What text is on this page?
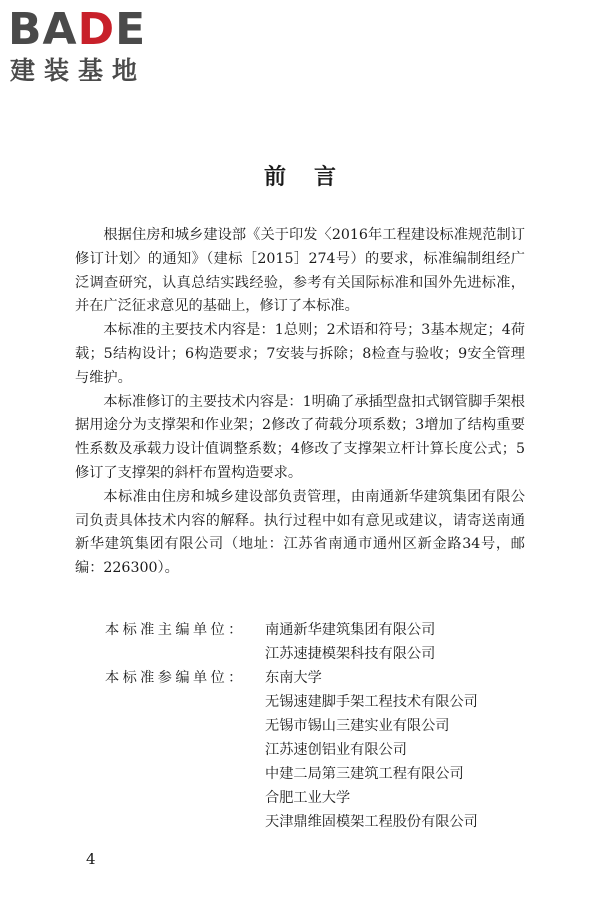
BADE
建装基地
前言

根据住房和城乡建设部《关于印发〈2016年工程建设标准规范制订修订计划〉的通知》（建标［2015］274号）的要求，标准编制组经广泛调查研究，认真总结实践经验，参考有关国际标准和国外先进标准，并在广泛征求意见的基础上，修订了本标准。

本标准的主要技术内容是：1总则；2术语和符号；3基本规定；4荷载；5结构设计；6构造要求；7安装与拆除；8检查与验收；9安全管理与维护。

本标准修订的主要技术内容是：1明确了承插型盘扣式钢管脚手架根据用途分为支撑架和作业架；2修改了荷载分项系数；3增加了结构重要性系数及承载力设计值调整系数；4修改了支撑架立杆计算长度公式；5修订了支撑架的斜杆布置构造要求。

本标准由住房和城乡建设部负责管理，由南通新华建筑集团有限公司负责具体技术内容的解释。执行过程中如有意见或建议，请寄送南通新华建筑集团有限公司（地址：江苏省南通市通州区新金路34号，邮编：226300）。

本标准主编单位：	南通新华建筑集团有限公司
江苏速捷模架科技有限公司
本标准参编单位：	东南大学
无锡速建脚手架工程技术有限公司
无锡市锡山三建实业有限公司
江苏速创铝业有限公司
中建二局第三建筑工程有限公司
合肥工业大学
天津鼎维固模架工程股份有限公司
4
